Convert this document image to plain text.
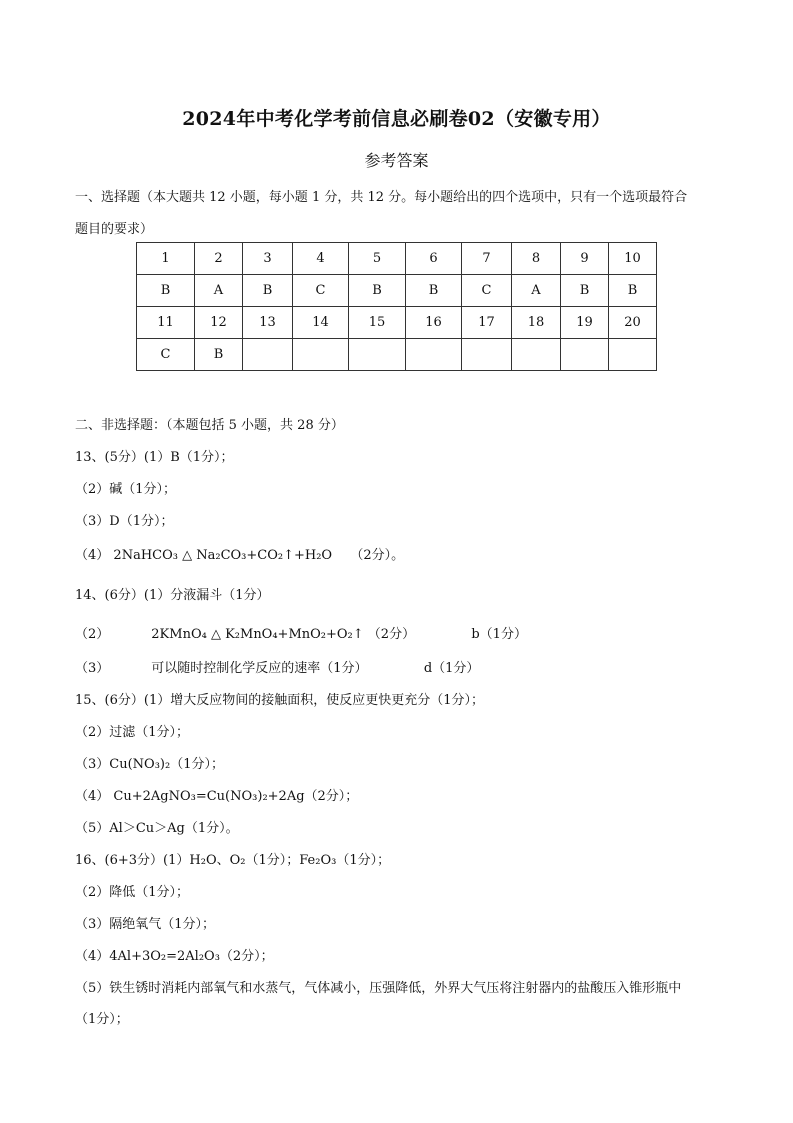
2024年中考化学考前信息必刷卷02（安徽专用）
参考答案
一、选择题（本大题共 12 小题，每小题 1 分，共 12 分。每小题给出的四个选项中，只有一个选项最符合
题目的要求）
1	2	3	4	5	6	7	8	9	10
B	A	B	C	B	B	C	A	B	B
11	12	13	14	15	16	17	18	19	20
C	B								
二、非选择题：（本题包括 5 小题，共 28 分）
13、(5分）(1）B（1分）；
（2）碱（1分）；
（3）D（1分）；
（4） 2NaHCO₃ △ Na₂CO₃+CO₂↑+H₂O （2分）。
14、(6分）(1）分液漏斗（1分）
（2）	2KMnO₄ △ K₂MnO₄+MnO₂+O₂↑ （2分）	b（1分）
（3）	可以随时控制化学反应的速率（1分）	d（1分）
15、(6分）(1）增大反应物间的接触面积，使反应更快更充分（1分）；
（2）过滤（1分）；
（3）Cu(NO₃)₂（1分）；
（4） Cu+2AgNO₃=Cu(NO₃)₂+2Ag（2分）；
（5）Al＞Cu＞Ag（1分）。
16、(6+3分）(1）H₂O、O₂（1分）；Fe₂O₃（1分）；
（2）降低（1分）；
（3）隔绝氧气（1分）；
（4）4Al+3O₂=2Al₂O₃（2分）；
（5）铁生锈时消耗内部氧气和水蒸气，气体减小，压强降低，外界大气压将注射器内的盐酸压入锥形瓶中
（1分）；
